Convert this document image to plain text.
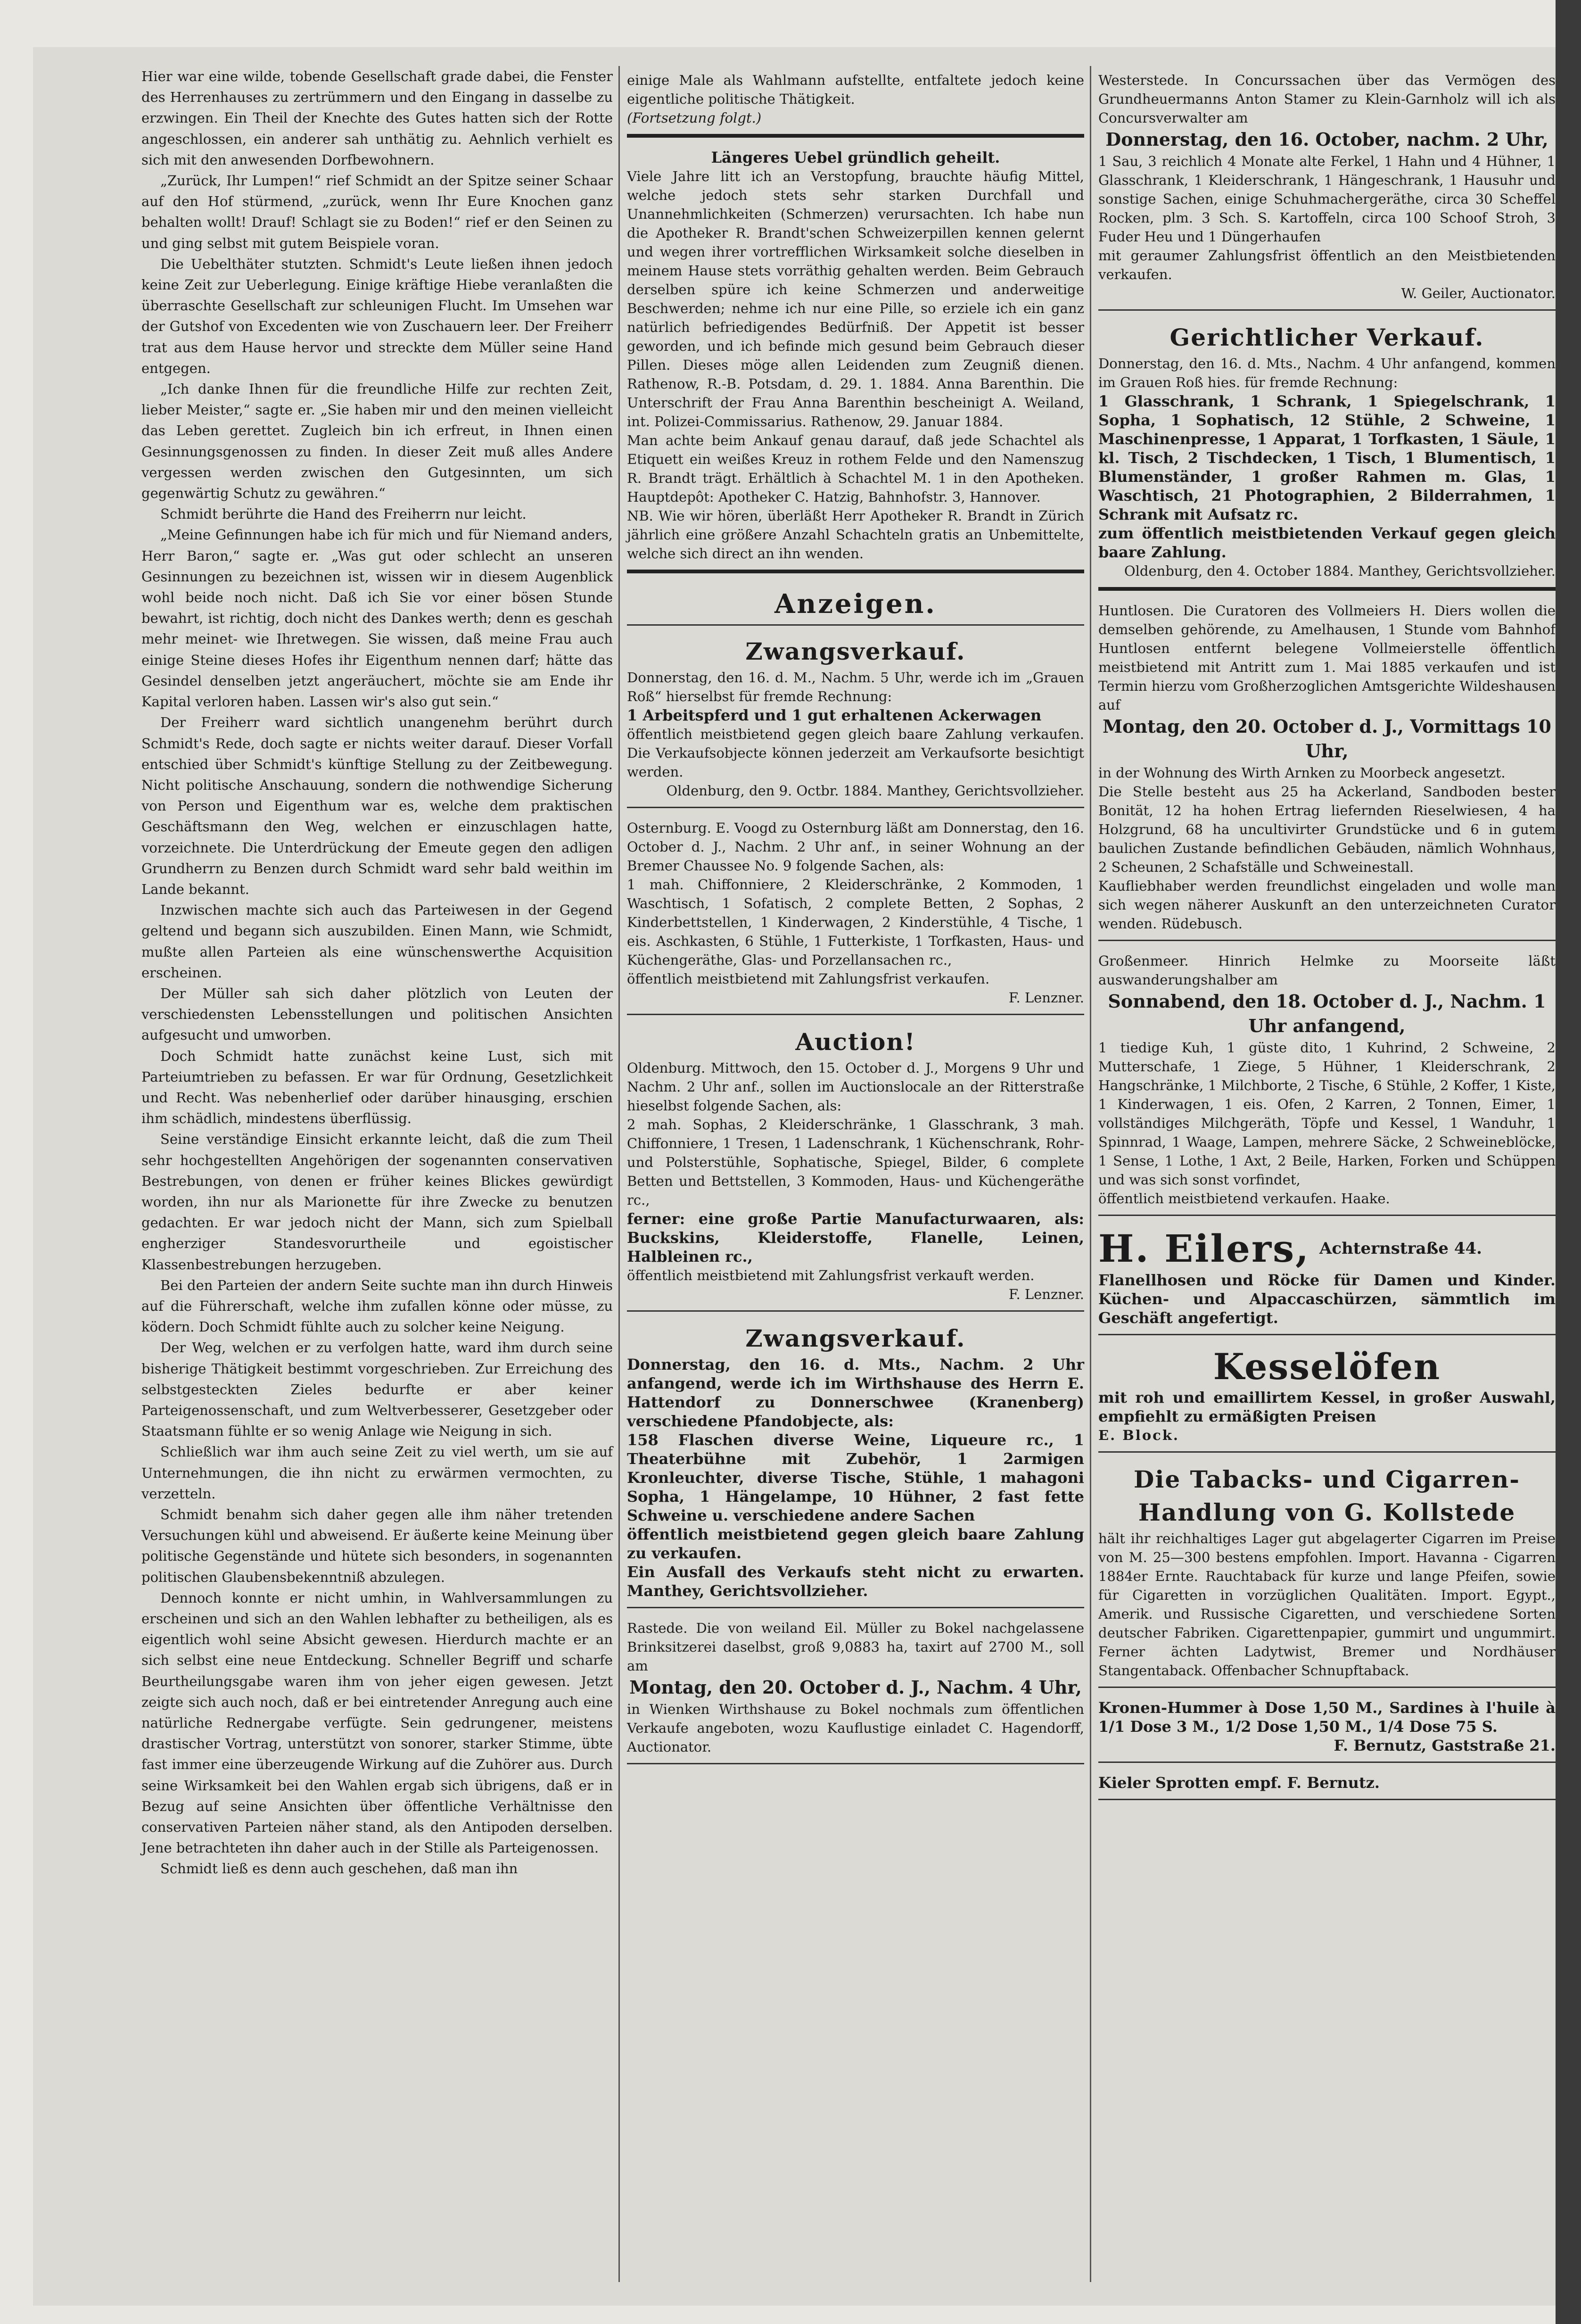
Hier war eine wilde, tobende Gesellschaft grade dabei, die Fenster des Herrenhauses zu zertrümmern und den Eingang in dasselbe zu erzwingen. Ein Theil der Knechte des Gutes hatten sich der Rotte angeschlossen, ein anderer sah unthätig zu. Aehnlich verhielt es sich mit den anwesenden Dorfbewohnern.

„Zurück, Ihr Lumpen!“ rief Schmidt an der Spitze seiner Schaar auf den Hof stürmend, „zurück, wenn Ihr Eure Knochen ganz behalten wollt! Drauf! Schlagt sie zu Boden!“ rief er den Seinen zu und ging selbst mit gutem Beispiele voran.

Die Uebelthäter stutzten. Schmidt's Leute ließen ihnen jedoch keine Zeit zur Ueberlegung. Einige kräftige Hiebe veranlaßten die überraschte Gesellschaft zur schleunigen Flucht. Im Umsehen war der Gutshof von Excedenten wie von Zuschauern leer. Der Freiherr trat aus dem Hause hervor und streckte dem Müller seine Hand entgegen.

„Ich danke Ihnen für die freundliche Hilfe zur rechten Zeit, lieber Meister,“ sagte er. „Sie haben mir und den meinen vielleicht das Leben gerettet. Zugleich bin ich erfreut, in Ihnen einen Gesinnungsgenossen zu finden. In dieser Zeit muß alles Andere vergessen werden zwischen den Gutgesinnten, um sich gegenwärtig Schutz zu gewähren.“

Schmidt berührte die Hand des Freiherrn nur leicht.

„Meine Gefinnungen habe ich für mich und für Niemand anders, Herr Baron,“ sagte er. „Was gut oder schlecht an unseren Gesinnungen zu bezeichnen ist, wissen wir in diesem Augenblick wohl beide noch nicht. Daß ich Sie vor einer bösen Stunde bewahrt, ist richtig, doch nicht des Dankes werth; denn es geschah mehr meinet- wie Ihretwegen. Sie wissen, daß meine Frau auch einige Steine dieses Hofes ihr Eigenthum nennen darf; hätte das Gesindel denselben jetzt angeräuchert, möchte sie am Ende ihr Kapital verloren haben. Lassen wir's also gut sein.“

Der Freiherr ward sichtlich unangenehm berührt durch Schmidt's Rede, doch sagte er nichts weiter darauf. Dieser Vorfall entschied über Schmidt's künftige Stellung zu der Zeitbewegung. Nicht politische Anschauung, sondern die nothwendige Sicherung von Person und Eigenthum war es, welche dem praktischen Geschäftsmann den Weg, welchen er einzuschlagen hatte, vorzeichnete. Die Unterdrückung der Emeute gegen den adligen Grundherrn zu Benzen durch Schmidt ward sehr bald weithin im Lande bekannt.

Inzwischen machte sich auch das Parteiwesen in der Gegend geltend und begann sich auszubilden. Einen Mann, wie Schmidt, mußte allen Parteien als eine wünschenswerthe Acquisition erscheinen.

Der Müller sah sich daher plötzlich von Leuten der verschiedensten Lebensstellungen und politischen Ansichten aufgesucht und umworben.

Doch Schmidt hatte zunächst keine Lust, sich mit Parteiumtrieben zu befassen. Er war für Ordnung, Gesetzlichkeit und Recht. Was nebenherlief oder darüber hinausging, erschien ihm schädlich, mindestens überflüssig.

Seine verständige Einsicht erkannte leicht, daß die zum Theil sehr hochgestellten Angehörigen der sogenannten conservativen Bestrebungen, von denen er früher keines Blickes gewürdigt worden, ihn nur als Marionette für ihre Zwecke zu benutzen gedachten. Er war jedoch nicht der Mann, sich zum Spielball engherziger Standesvorurtheile und egoistischer Klassenbestrebungen herzugeben.

Bei den Parteien der andern Seite suchte man ihn durch Hinweis auf die Führerschaft, welche ihm zufallen könne oder müsse, zu ködern. Doch Schmidt fühlte auch zu solcher keine Neigung.

Der Weg, welchen er zu verfolgen hatte, ward ihm durch seine bisherige Thätigkeit bestimmt vorgeschrieben. Zur Erreichung des selbstgesteckten Zieles bedurfte er aber keiner Parteigenossenschaft, und zum Weltverbesserer, Gesetzgeber oder Staatsmann fühlte er so wenig Anlage wie Neigung in sich.

Schließlich war ihm auch seine Zeit zu viel werth, um sie auf Unternehmungen, die ihn nicht zu erwärmen vermochten, zu verzetteln.

Schmidt benahm sich daher gegen alle ihm näher tretenden Versuchungen kühl und abweisend. Er äußerte keine Meinung über politische Gegenstände und hütete sich besonders, in sogenannten politischen Glaubensbekenntniß abzulegen.

Dennoch konnte er nicht umhin, in Wahlversammlungen zu erscheinen und sich an den Wahlen lebhafter zu betheiligen, als es eigentlich wohl seine Absicht gewesen. Hierdurch machte er an sich selbst eine neue Entdeckung. Schneller Begriff und scharfe Beurtheilungsgabe waren ihm von jeher eigen gewesen. Jetzt zeigte sich auch noch, daß er bei eintretender Anregung auch eine natürliche Rednergabe verfügte. Sein gedrungener, meistens drastischer Vortrag, unterstützt von sonorer, starker Stimme, übte fast immer eine überzeugende Wirkung auf die Zuhörer aus. Durch seine Wirksamkeit bei den Wahlen ergab sich übrigens, daß er in Bezug auf seine Ansichten über öffentliche Verhältnisse den conservativen Parteien näher stand, als den Antipoden derselben. Jene betrachteten ihn daher auch in der Stille als Parteigenossen.

Schmidt ließ es denn auch geschehen, daß man ihn

einige Male als Wahlmann aufstellte, entfaltete jedoch keine eigentliche politische Thätigkeit.

(Fortsetzung folgt.)

Längeres Uebel gründlich geheilt.

Viele Jahre litt ich an Verstopfung, brauchte häufig Mittel, welche jedoch stets sehr starken Durchfall und Unannehmlichkeiten (Schmerzen) verursachten. Ich habe nun die Apotheker R. Brandt'schen Schweizerpillen kennen gelernt und wegen ihrer vortrefflichen Wirksamkeit solche dieselben in meinem Hause stets vorräthig gehalten werden. Beim Gebrauch derselben spüre ich keine Schmerzen und anderweitige Beschwerden; nehme ich nur eine Pille, so erziele ich ein ganz natürlich befriedigendes Bedürfniß. Der Appetit ist besser geworden, und ich befinde mich gesund beim Gebrauch dieser Pillen. Dieses möge allen Leidenden zum Zeugniß dienen. Rathenow, R.-B. Potsdam, d. 29. 1. 1884. Anna Barenthin. Die Unterschrift der Frau Anna Barenthin bescheinigt A. Weiland, int. Polizei-Commissarius. Rathenow, 29. Januar 1884.

Man achte beim Ankauf genau darauf, daß jede Schachtel als Etiquett ein weißes Kreuz in rothem Felde und den Namenszug R. Brandt trägt. Erhältlich à Schachtel M. 1 in den Apotheken. Hauptdepôt: Apotheker C. Hatzig, Bahnhofstr. 3, Hannover.

NB. Wie wir hören, überläßt Herr Apotheker R. Brandt in Zürich jährlich eine größere Anzahl Schachteln gratis an Unbemittelte, welche sich direct an ihn wenden.

Anzeigen.

Zwangsverkauf.

Donnerstag, den 16. d. M., Nachm. 5 Uhr, werde ich im „Grauen Roß“ hierselbst für fremde Rechnung:

1 Arbeitspferd und 1 gut erhaltenen Ackerwagen

öffentlich meistbietend gegen gleich baare Zahlung verkaufen. Die Verkaufsobjecte können jederzeit am Verkaufsorte besichtigt werden.

Oldenburg, den 9. Octbr. 1884. Manthey, Gerichtsvollzieher.

Osternburg. E. Voogd zu Osternburg läßt am Donnerstag, den 16. October d. J., Nachm. 2 Uhr anf., in seiner Wohnung an der Bremer Chaussee No. 9 folgende Sachen, als:

1 mah. Chiffonniere, 2 Kleiderschränke, 2 Kommoden, 1 Waschtisch, 1 Sofatisch, 2 complete Betten, 2 Sophas, 2 Kinderbettstellen, 1 Kinderwagen, 2 Kinderstühle, 4 Tische, 1 eis. Aschkasten, 6 Stühle, 1 Futterkiste, 1 Torfkasten, Haus- und Küchengeräthe, Glas- und Porzellansachen rc.,

öffentlich meistbietend mit Zahlungsfrist verkaufen.

F. Lenzner.

Auction!

Oldenburg. Mittwoch, den 15. October d. J., Morgens 9 Uhr und Nachm. 2 Uhr anf., sollen im Auctionslocale an der Ritterstraße hieselbst folgende Sachen, als:

2 mah. Sophas, 2 Kleiderschränke, 1 Glasschrank, 3 mah. Chiffonniere, 1 Tresen, 1 Ladenschrank, 1 Küchenschrank, Rohr- und Polsterstühle, Sophatische, Spiegel, Bilder, 6 complete Betten und Bettstellen, 3 Kommoden, Haus- und Küchengeräthe rc.,

ferner: eine große Partie Manufacturwaaren, als: Buckskins, Kleiderstoffe, Flanelle, Leinen, Halbleinen rc.,

öffentlich meistbietend mit Zahlungsfrist verkauft werden.

F. Lenzner.

Zwangsverkauf.

Donnerstag, den 16. d. Mts., Nachm. 2 Uhr anfangend, werde ich im Wirthshause des Herrn E. Hattendorf zu Donnerschwee (Kranenberg) verschiedene Pfandobjecte, als:

158 Flaschen diverse Weine, Liqueure rc., 1 Theaterbühne mit Zubehör, 1 2armigen Kronleuchter, diverse Tische, Stühle, 1 mahagoni Sopha, 1 Hängelampe, 10 Hühner, 2 fast fette Schweine u. verschiedene andere Sachen

öffentlich meistbietend gegen gleich baare Zahlung zu verkaufen.

Ein Ausfall des Verkaufs steht nicht zu erwarten. Manthey, Gerichtsvollzieher.

Rastede. Die von weiland Eil. Müller zu Bokel nachgelassene Brinksitzerei daselbst, groß 9,0883 ha, taxirt auf 2700 M., soll am

Montag, den 20. October d. J., Nachm. 4 Uhr,

in Wienken Wirthshause zu Bokel nochmals zum öffentlichen Verkaufe angeboten, wozu Kauflustige einladet C. Hagendorff, Auctionator.

Westerstede. In Concurssachen über das Vermögen des Grundheuermanns Anton Stamer zu Klein-Garnholz will ich als Concursverwalter am

Donnerstag, den 16. October, nachm. 2 Uhr,

1 Sau, 3 reichlich 4 Monate alte Ferkel, 1 Hahn und 4 Hühner, 1 Glasschrank, 1 Kleiderschrank, 1 Hängeschrank, 1 Hausuhr und sonstige Sachen, einige Schuhmachergeräthe, circa 30 Scheffel Rocken, plm. 3 Sch. S. Kartoffeln, circa 100 Schoof Stroh, 3 Fuder Heu und 1 Düngerhaufen

mit geraumer Zahlungsfrist öffentlich an den Meistbietenden verkaufen.

W. Geiler, Auctionator.

Gerichtlicher Verkauf.

Donnerstag, den 16. d. Mts., Nachm. 4 Uhr anfangend, kommen im Grauen Roß hies. für fremde Rechnung:

1 Glasschrank, 1 Schrank, 1 Spiegelschrank, 1 Sopha, 1 Sophatisch, 12 Stühle, 2 Schweine, 1 Maschinenpresse, 1 Apparat, 1 Torfkasten, 1 Säule, 1 kl. Tisch, 2 Tischdecken, 1 Tisch, 1 Blumentisch, 1 Blumenständer, 1 großer Rahmen m. Glas, 1 Waschtisch, 21 Photographien, 2 Bilderrahmen, 1 Schrank mit Aufsatz rc.

zum öffentlich meistbietenden Verkauf gegen gleich baare Zahlung.

Oldenburg, den 4. October 1884. Manthey, Gerichtsvollzieher.

Huntlosen. Die Curatoren des Vollmeiers H. Diers wollen die demselben gehörende, zu Amelhausen, 1 Stunde vom Bahnhof Huntlosen entfernt belegene Vollmeierstelle öffentlich meistbietend mit Antritt zum 1. Mai 1885 verkaufen und ist Termin hierzu vom Großherzoglichen Amtsgerichte Wildeshausen auf

Montag, den 20. October d. J., Vormittags 10 Uhr,

in der Wohnung des Wirth Arnken zu Moorbeck angesetzt.

Die Stelle besteht aus 25 ha Ackerland, Sandboden bester Bonität, 12 ha hohen Ertrag liefernden Rieselwiesen, 4 ha Holzgrund, 68 ha uncultivirter Grundstücke und 6 in gutem baulichen Zustande befindlichen Gebäuden, nämlich Wohnhaus, 2 Scheunen, 2 Schafställe und Schweinestall.

Kaufliebhaber werden freundlichst eingeladen und wolle man sich wegen näherer Auskunft an den unterzeichneten Curator wenden. Rüdebusch.

Großenmeer. Hinrich Helmke zu Moorseite läßt auswanderungshalber am

Sonnabend, den 18. October d. J., Nachm. 1 Uhr anfangend,

1 tiedige Kuh, 1 güste dito, 1 Kuhrind, 2 Schweine, 2 Mutterschafe, 1 Ziege, 5 Hühner, 1 Kleiderschrank, 2 Hangschränke, 1 Milchborte, 2 Tische, 6 Stühle, 2 Koffer, 1 Kiste, 1 Kinderwagen, 1 eis. Ofen, 2 Karren, 2 Tonnen, Eimer, 1 vollständiges Milchgeräth, Töpfe und Kessel, 1 Wanduhr, 1 Spinnrad, 1 Waage, Lampen, mehrere Säcke, 2 Schweineblöcke, 1 Sense, 1 Lothe, 1 Axt, 2 Beile, Harken, Forken und Schüppen und was sich sonst vorfindet,

öffentlich meistbietend verkaufen. Haake.

H. Eilers, Achternstraße 44.

Flanellhosen und Röcke für Damen und Kinder. Küchen- und Alpaccaschürzen, sämmtlich im Geschäft angefertigt.

Kesselöfen

mit roh und emaillirtem Kessel, in großer Auswahl, empfiehlt zu ermäßigten Preisen

E. Block.

Die Tabacks- und Cigarren-Handlung von G. Kollstede

hält ihr reichhaltiges Lager gut abgelagerter Cigarren im Preise von M. 25—300 bestens empfohlen. Import. Havanna - Cigarren 1884er Ernte. Rauchtaback für kurze und lange Pfeifen, sowie für Cigaretten in vorzüglichen Qualitäten. Import. Egypt., Amerik. und Russische Cigaretten, und verschiedene Sorten deutscher Fabriken. Cigarettenpapier, gummirt und ungummirt. Ferner ächten Ladytwist, Bremer und Nordhäuser Stangentaback. Offenbacher Schnupftaback.

Kronen-Hummer à Dose 1,50 M., Sardines à l'huile à 1/1 Dose 3 M., 1/2 Dose 1,50 M., 1/4 Dose 75 S.

F. Bernutz, Gaststraße 21.

Kieler Sprotten empf. F. Bernutz.
